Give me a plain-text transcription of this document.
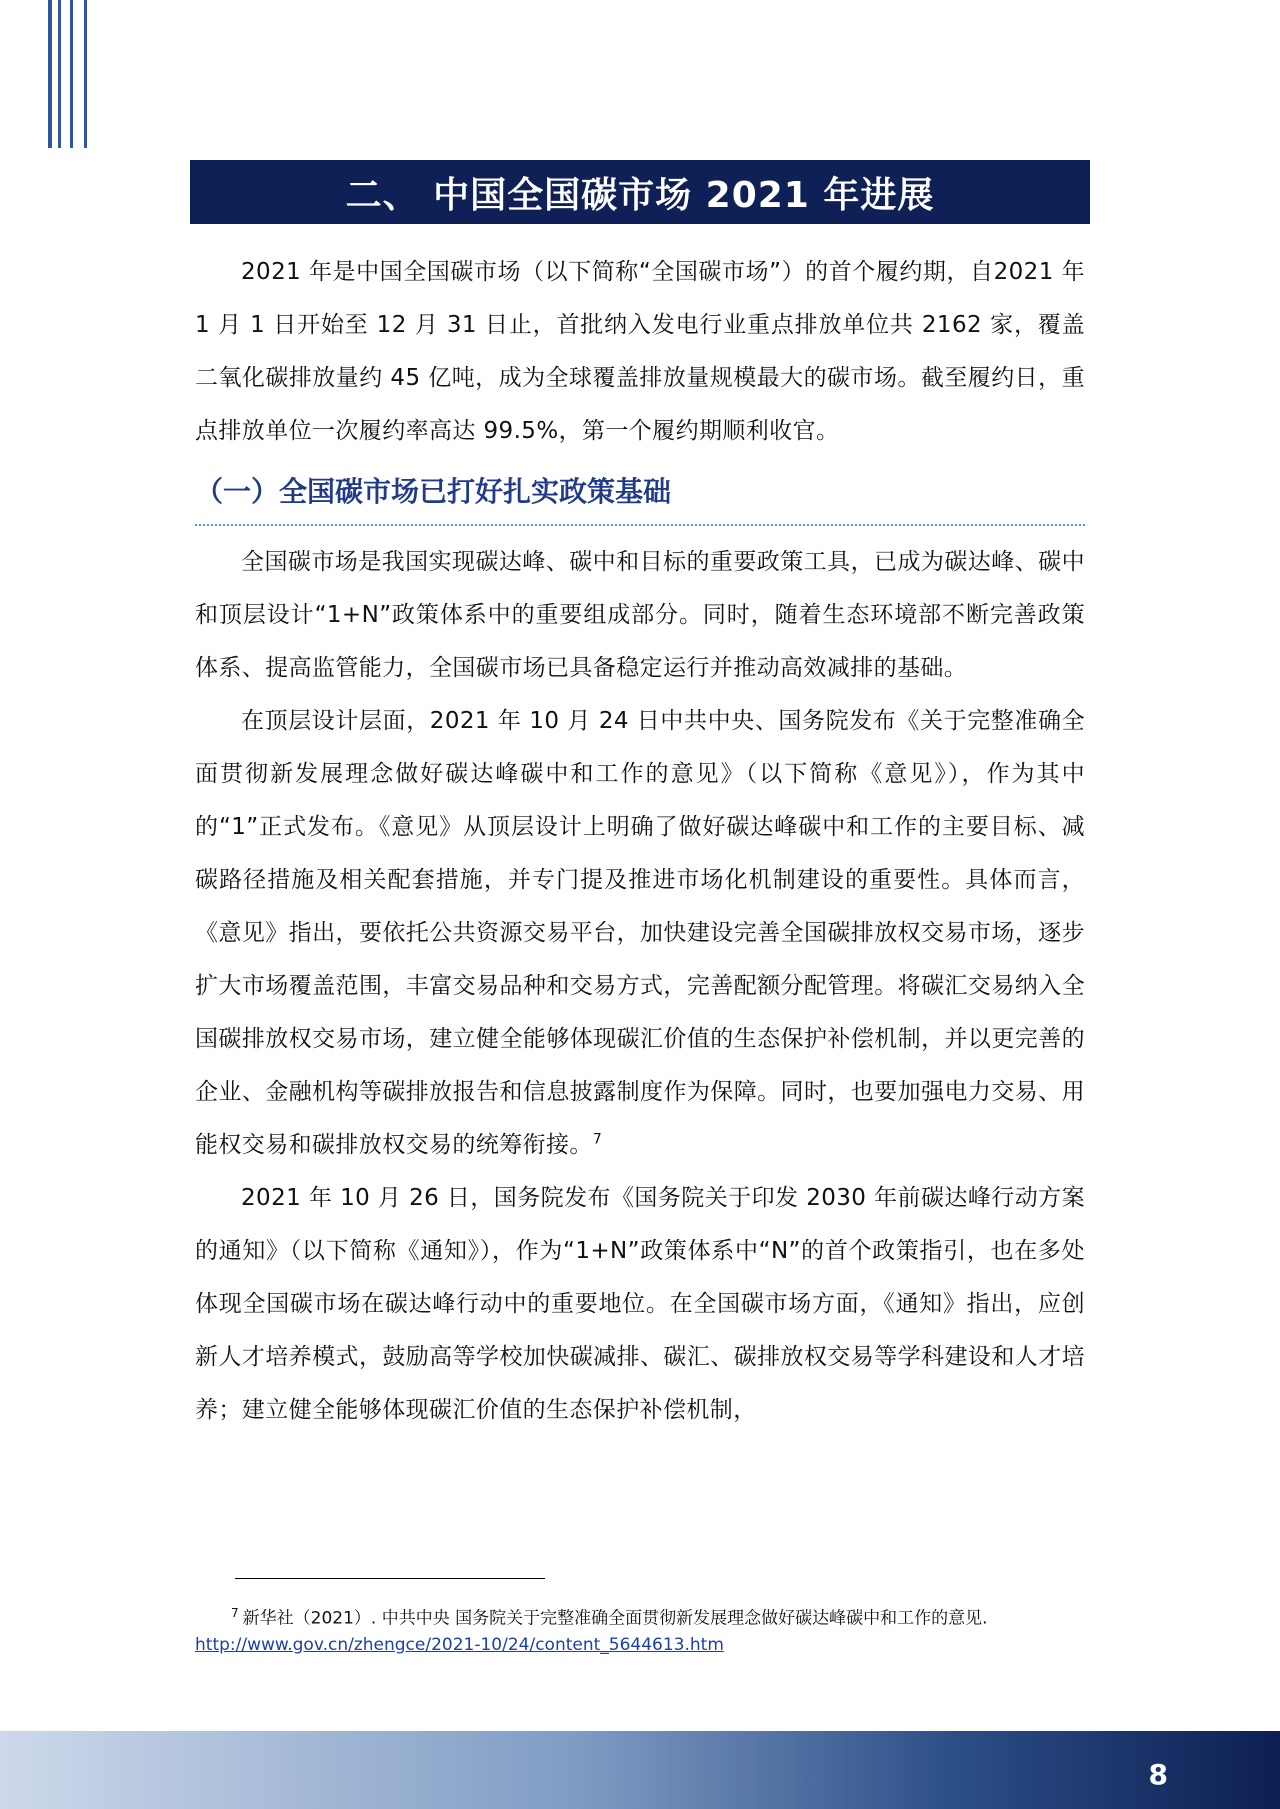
二、 中国全国碳市场 2021 年进展

2021 年是中国全国碳市场（以下简称“全国碳市场”）的首个履约期，自2021 年 1 月 1 日开始至 12 月 31 日止，首批纳入发电行业重点排放单位共 2162 家，覆盖二氧化碳排放量约 45 亿吨，成为全球覆盖排放量规模最大的碳市场。截至履约日，重点排放单位一次履约率高达 99.5%，第一个履约期顺利收官。

（一）全国碳市场已打好扎实政策基础

全国碳市场是我国实现碳达峰、碳中和目标的重要政策工具，已成为碳达峰、碳中和顶层设计“1+N”政策体系中的重要组成部分。同时，随着生态环境部不断完善政策体系、提高监管能力，全国碳市场已具备稳定运行并推动高效减排的基础。

在顶层设计层面，2021 年 10 月 24 日中共中央、国务院发布《关于完整准确全面贯彻新发展理念做好碳达峰碳中和工作的意见》（以下简称《意见》），作为其中的“1”正式发布。《意见》从顶层设计上明确了做好碳达峰碳中和工作的主要目标、减碳路径措施及相关配套措施，并专门提及推进市场化机制建设的重要性。具体而言，《意见》指出，要依托公共资源交易平台，加快建设完善全国碳排放权交易市场，逐步扩大市场覆盖范围，丰富交易品种和交易方式，完善配额分配管理。将碳汇交易纳入全国碳排放权交易市场，建立健全能够体现碳汇价值的生态保护补偿机制，并以更完善的企业、金融机构等碳排放报告和信息披露制度作为保障。同时，也要加强电力交易、用能权交易和碳排放权交易的统筹衔接。$^7$

2021 年 10 月 26 日，国务院发布《国务院关于印发 2030 年前碳达峰行动方案的通知》（以下简称《通知》），作为“1+N”政策体系中“N”的首个政策指引，也在多处体现全国碳市场在碳达峰行动中的重要地位。在全国碳市场方面，《通知》指出，应创新人才培养模式，鼓励高等学校加快碳减排、碳汇、碳排放权交易等学科建设和人才培养；建立健全能够体现碳汇价值的生态保护补偿机制，

$^7$ 新华社（2021）. 中共中央 国务院关于完整准确全面贯彻新发展理念做好碳达峰碳中和工作的意见. http://www.gov.cn/zhengce/2021-10/24/content_5644613.htm
8
